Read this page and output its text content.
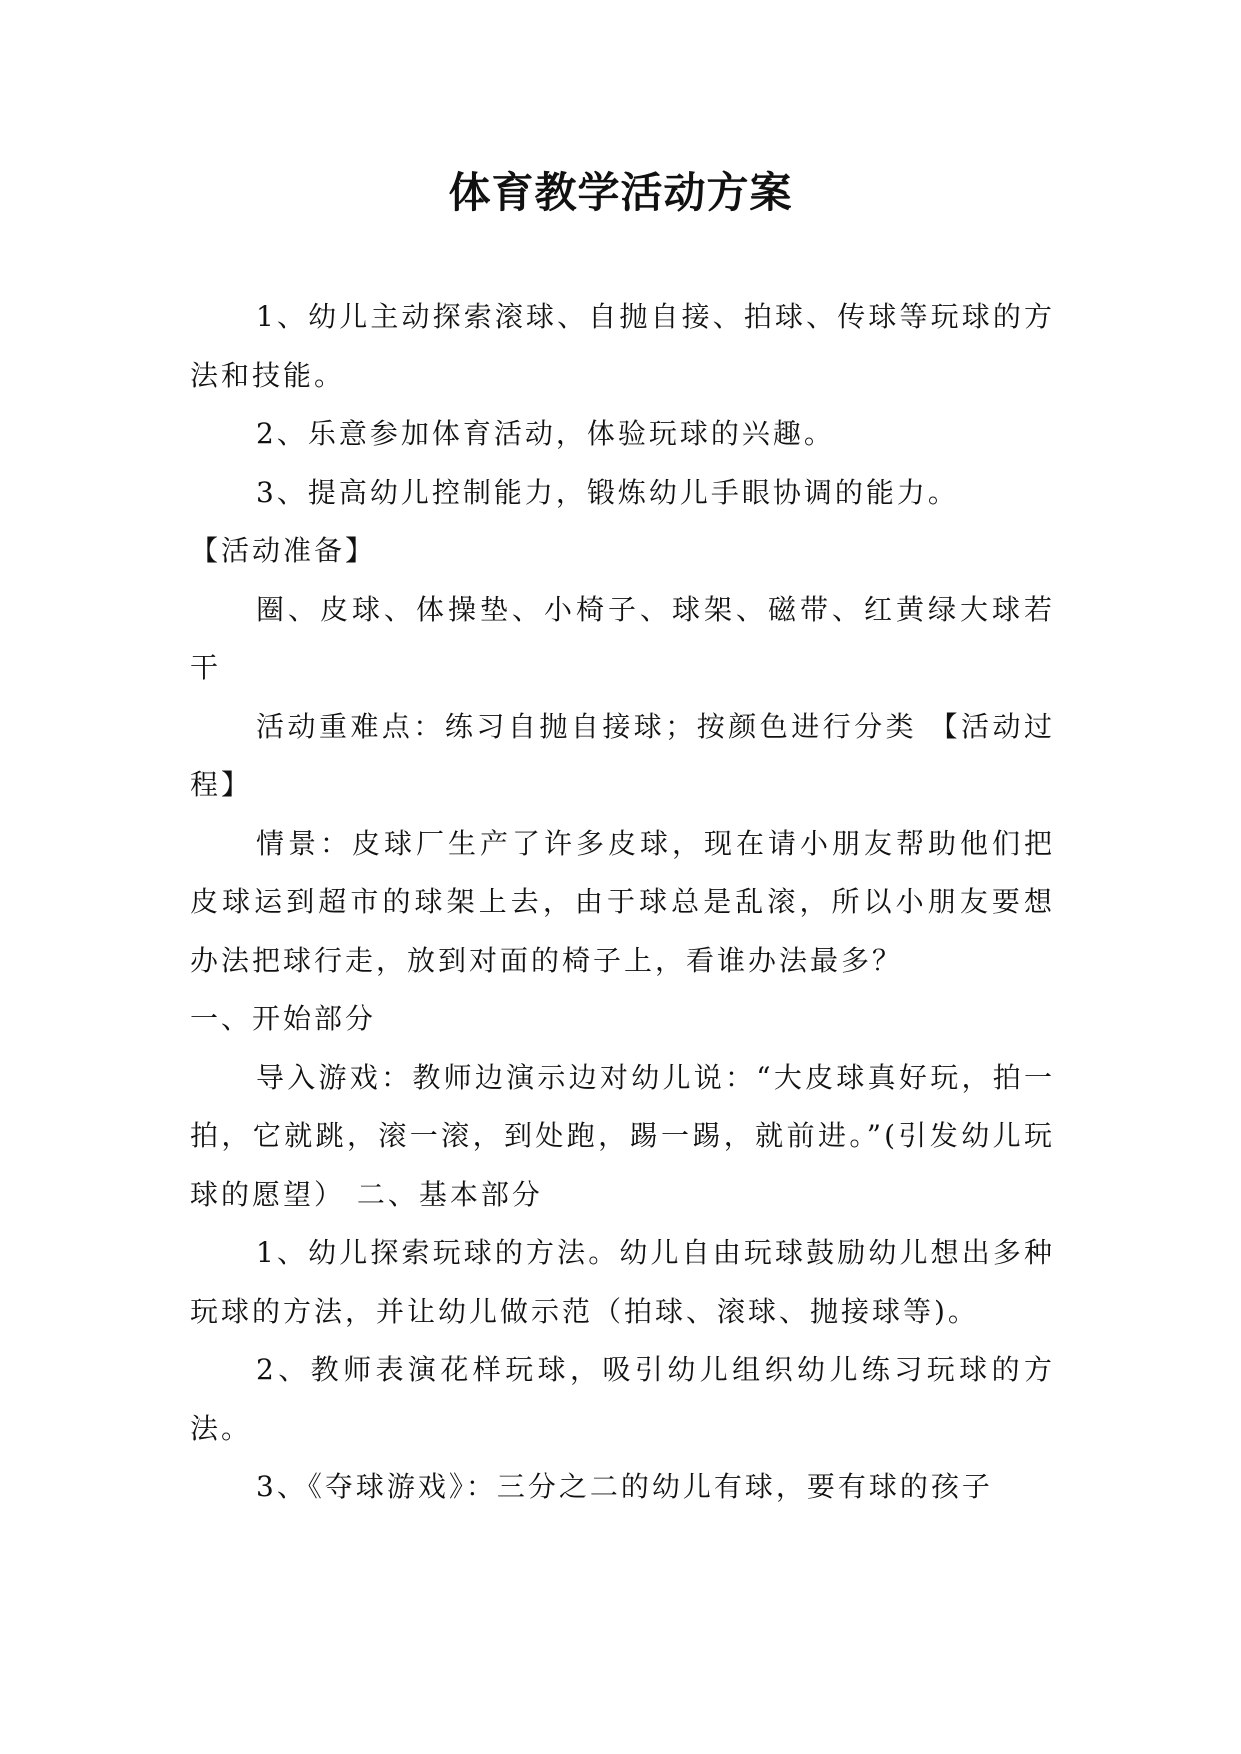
体育教学活动方案

1、幼儿主动探索滚球、自抛自接、拍球、传球等玩球的方法和技能。

2、乐意参加体育活动，体验玩球的兴趣。

3、提高幼儿控制能力，锻炼幼儿手眼协调的能力。

【活动准备】

圈、皮球、体操垫、小椅子、球架、磁带、红黄绿大球若干

活动重难点：练习自抛自接球；按颜色进行分类 【活动过程】

情景：皮球厂生产了许多皮球，现在请小朋友帮助他们把皮球运到超市的球架上去，由于球总是乱滚，所以小朋友要想办法把球行走，放到对面的椅子上，看谁办法最多？

一、开始部分

导入游戏：教师边演示边对幼儿说：“大皮球真好玩，拍一拍，它就跳，滚一滚，到处跑，踢一踢，就前进。”(引发幼儿玩球的愿望） 二、基本部分

1、幼儿探索玩球的方法。幼儿自由玩球鼓励幼儿想出多种玩球的方法，并让幼儿做示范（拍球、滚球、抛接球等)。

2、教师表演花样玩球，吸引幼儿组织幼儿练习玩球的方法。

3、《夺球游戏》：三分之二的幼儿有球，要有球的孩子
